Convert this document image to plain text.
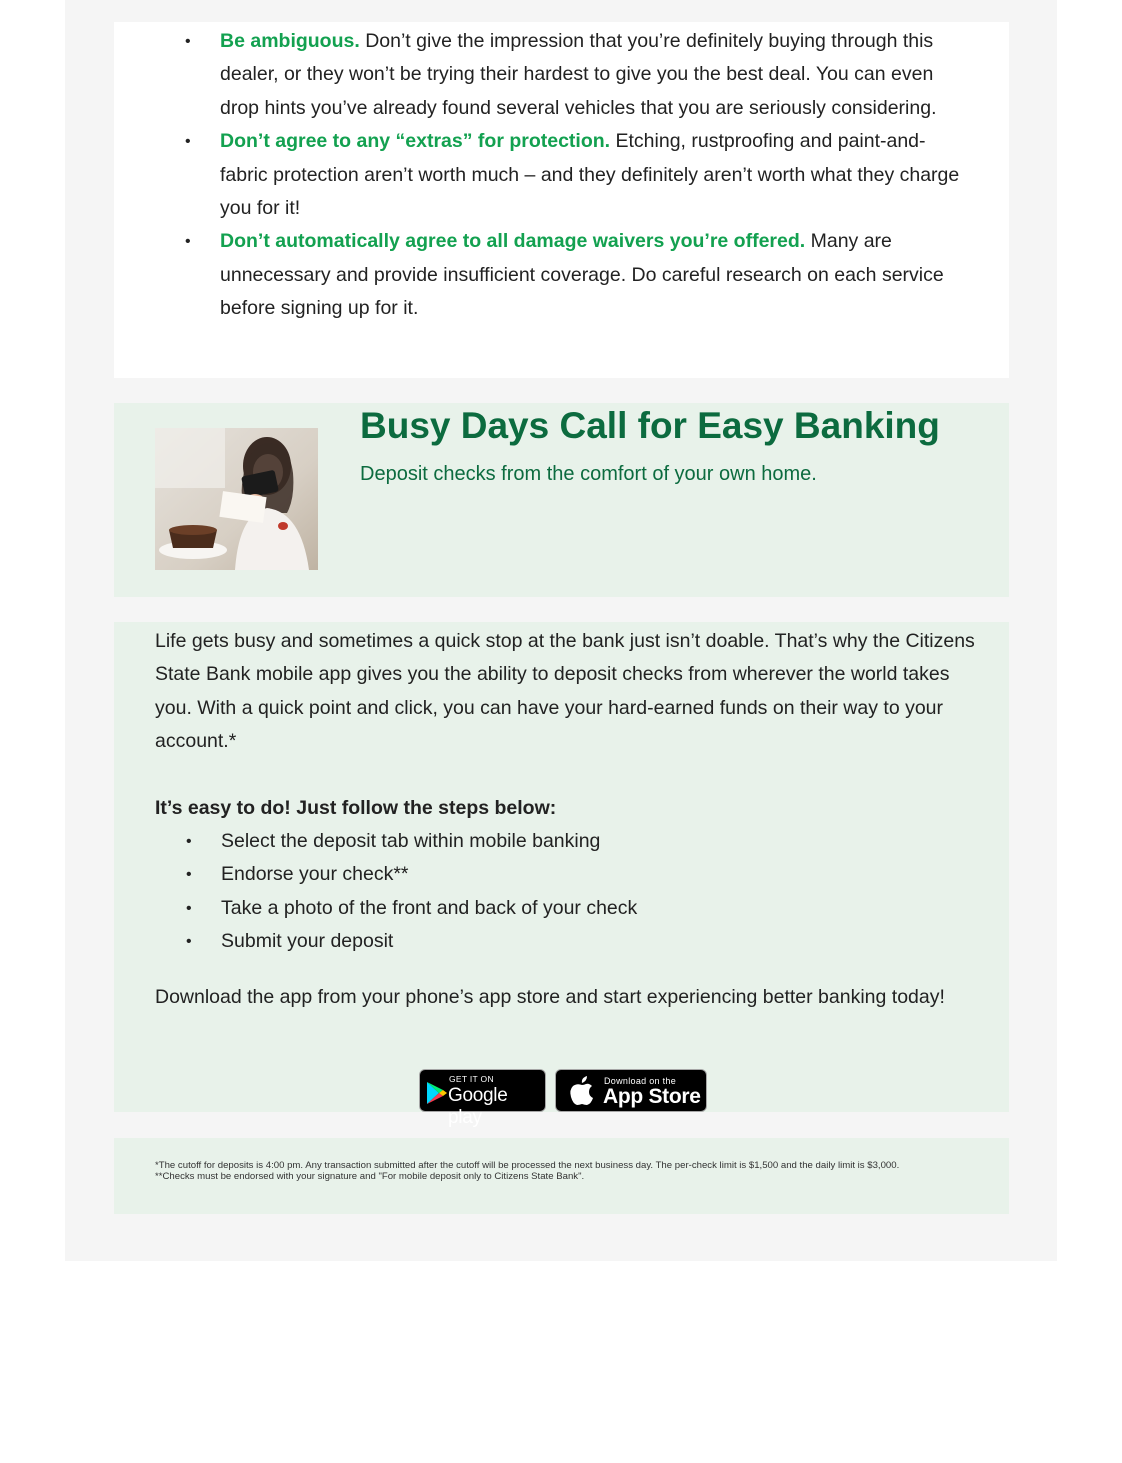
• Be ambiguous. Don’t give the impression that you’re definitely buying through this dealer, or they won’t be trying their hardest to give you the best deal. You can even drop hints you’ve already found several vehicles that you are seriously considering.
• Don’t agree to any “extras” for protection. Etching, rustproofing and paint-and-fabric protection aren’t worth much – and they definitely aren’t worth what they charge you for it!
• Don’t automatically agree to all damage waivers you’re offered. Many are unnecessary and provide insufficient coverage. Do careful research on each service before signing up for it.
Busy Days Call for Easy Banking

Deposit checks from the comfort of your own home.

Life gets busy and sometimes a quick stop at the bank just isn’t doable. That’s why the Citizens State Bank mobile app gives you the ability to deposit checks from wherever the world takes you. With a quick point and click, you can have your hard-earned funds on their way to your account.*

It’s easy to do! Just follow the steps below:

• Select the deposit tab within mobile banking
• Endorse your check**
• Take a photo of the front and back of your check
• Submit your deposit

Download the app from your phone’s app store and start experiencing better banking today!

GET IT ON
Google play
Download on the
App Store

*The cutoff for deposits is 4:00 pm. Any transaction submitted after the cutoff will be processed the next business day. The per-check limit is $1,500 and the daily limit is $3,000.

**Checks must be endorsed with your signature and "For mobile deposit only to Citizens State Bank".
